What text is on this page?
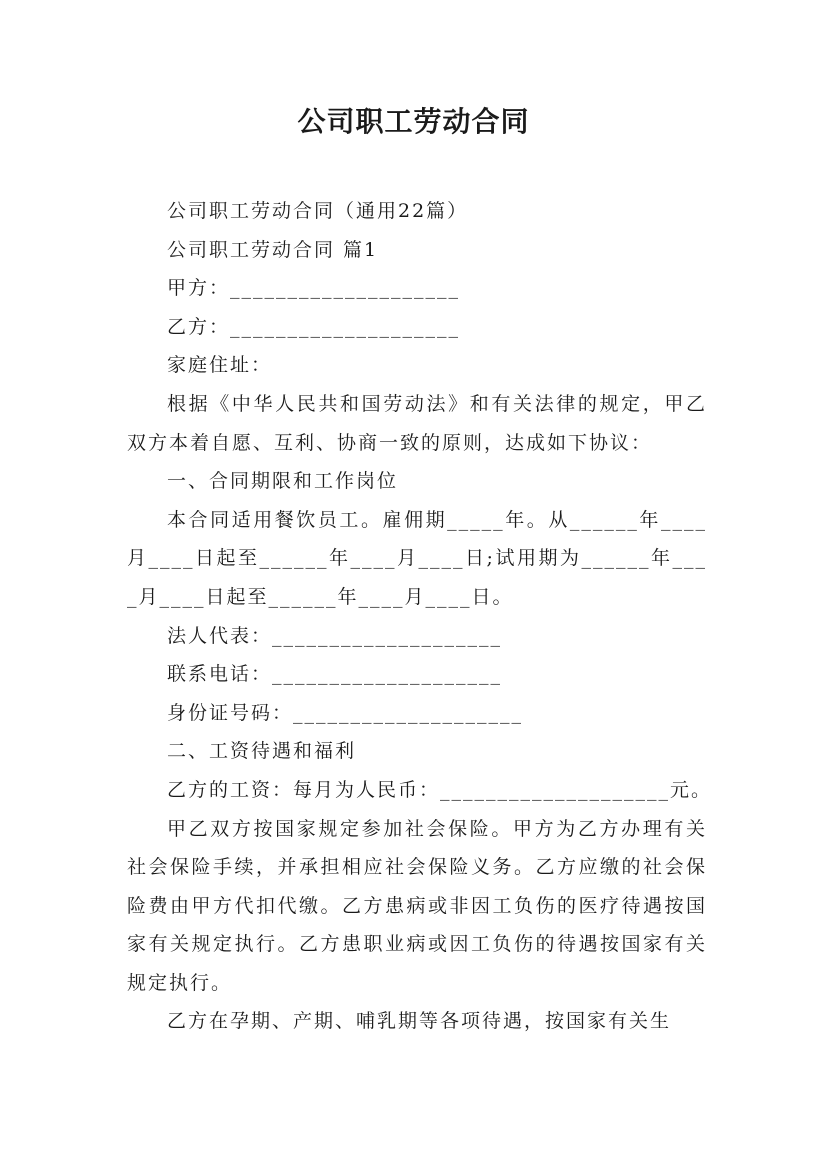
公司职工劳动合同

公司职工劳动合同（通用22篇）

公司职工劳动合同 篇1

甲方：____________________

乙方：____________________

家庭住址：

根据《中华人民共和国劳动法》和有关法律的规定，甲乙双方本着自愿、互利、协商一致的原则，达成如下协议：

一、合同期限和工作岗位

本合同适用餐饮员工。雇佣期_____年。从______年____月____日起至______年____月____日;试用期为______年____月____日起至______年____月____日。

法人代表：____________________

联系电话：____________________

身份证号码：____________________

二、工资待遇和福利

乙方的工资：每月为人民币：____________________元。

甲乙双方按国家规定参加社会保险。甲方为乙方办理有关社会保险手续，并承担相应社会保险义务。乙方应缴的社会保险费由甲方代扣代缴。乙方患病或非因工负伤的医疗待遇按国家有关规定执行。乙方患职业病或因工负伤的待遇按国家有关规定执行。

乙方在孕期、产期、哺乳期等各项待遇，按国家有关生
